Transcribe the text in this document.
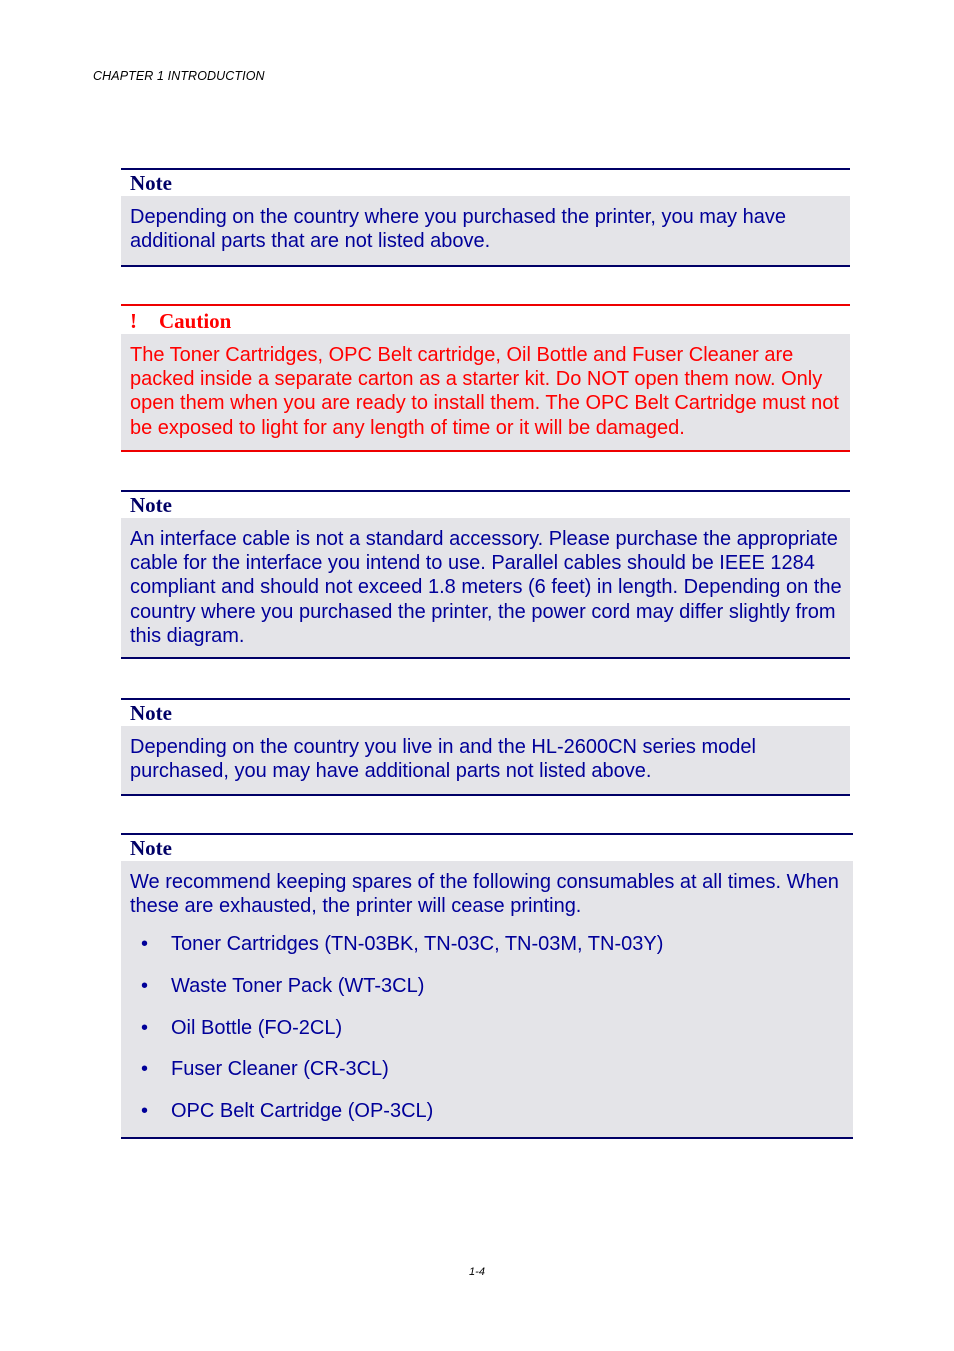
CHAPTER 1 INTRODUCTION
Note

Depending on the country where you purchased the printer, you may have additional parts that are not listed above.

! Caution

The Toner Cartridges, OPC Belt cartridge, Oil Bottle and Fuser Cleaner are packed inside a separate carton as a starter kit. Do NOT open them now. Only open them when you are ready to install them. The OPC Belt Cartridge must not be exposed to light for any length of time or it will be damaged.

Note

An interface cable is not a standard accessory. Please purchase the appropriate cable for the interface you intend to use. Parallel cables should be IEEE 1284 compliant and should not exceed 1.8 meters (6 feet) in length. Depending on the country where you purchased the printer, the power cord may differ slightly from this diagram.

Note

Depending on the country you live in and the HL-2600CN series model purchased, you may have additional parts not listed above.

Note

We recommend keeping spares of the following consumables at all times. When these are exhausted, the printer will cease printing.

• Toner Cartridges (TN-03BK, TN-03C, TN-03M, TN-03Y)
• Waste Toner Pack (WT-3CL)
• Oil Bottle (FO-2CL)
• Fuser Cleaner (CR-3CL)
• OPC Belt Cartridge (OP-3CL)
1-4
